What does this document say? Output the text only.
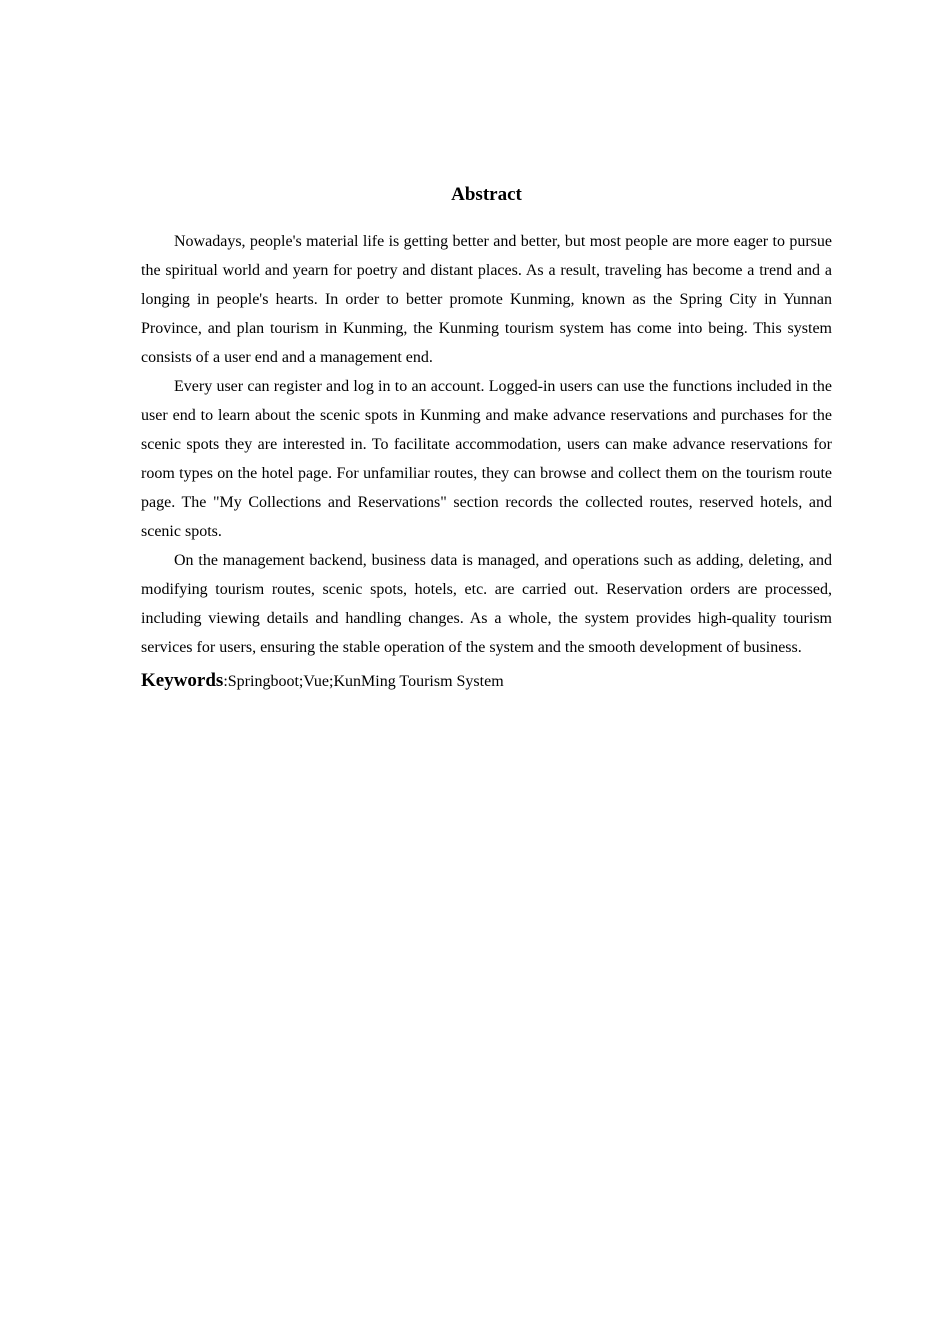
Abstract

Nowadays, people's material life is getting better and better, but most people are more eager to pursue the spiritual world and yearn for poetry and distant places. As a result, traveling has become a trend and a longing in people's hearts. In order to better promote Kunming, known as the Spring City in Yunnan Province, and plan tourism in Kunming, the Kunming tourism system has come into being. This system consists of a user end and a management end.

Every user can register and log in to an account. Logged-in users can use the functions included in the user end to learn about the scenic spots in Kunming and make advance reservations and purchases for the scenic spots they are interested in. To facilitate accommodation, users can make advance reservations for room types on the hotel page. For unfamiliar routes, they can browse and collect them on the tourism route page. The "My Collections and Reservations" section records the collected routes, reserved hotels, and scenic spots.

On the management backend, business data is managed, and operations such as adding, deleting, and modifying tourism routes, scenic spots, hotels, etc. are carried out. Reservation orders are processed, including viewing details and handling changes. As a whole, the system provides high-quality tourism services for users, ensuring the stable operation of the system and the smooth development of business.

Keywords:Springboot;Vue;KunMing Tourism System
